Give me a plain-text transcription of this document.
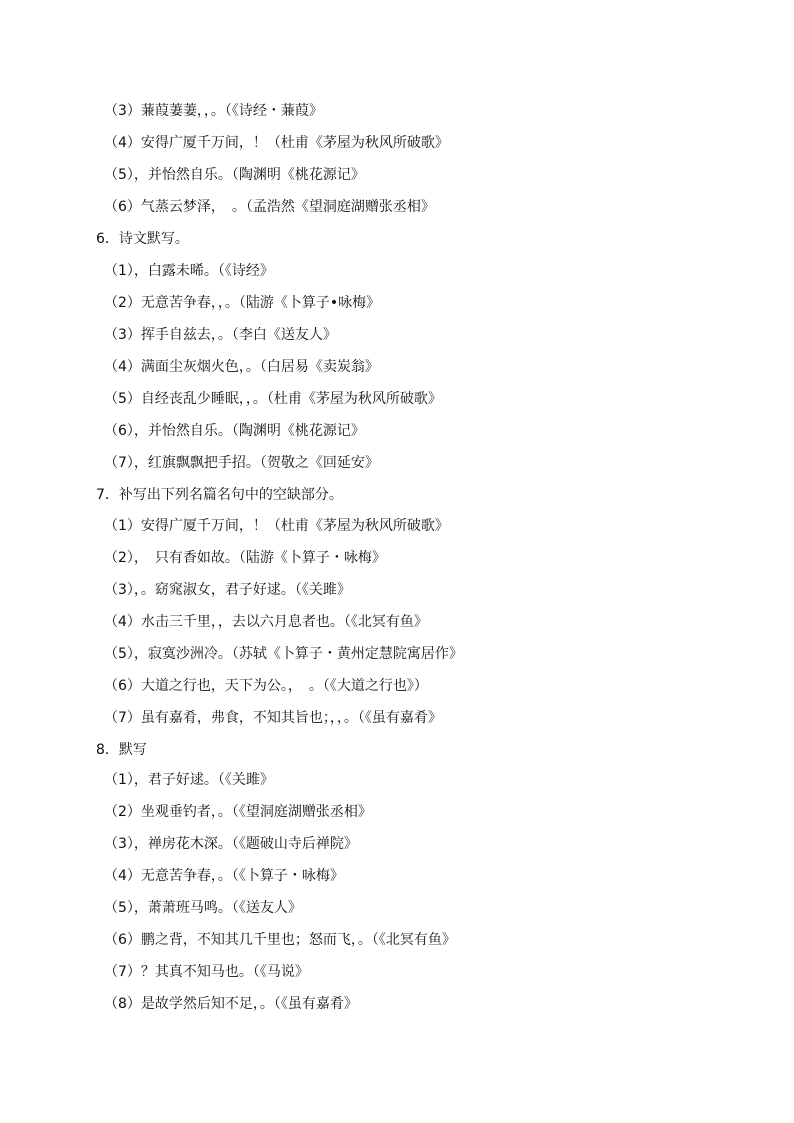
（3）蒹葭萋萋，，。（《诗经・蒹葭》
（4）安得广厦千万间，！（杜甫《茅屋为秋风所破歌》
（5），并怡然自乐。（陶渊明《桃花源记》
（6）气蒸云梦泽，　。（孟浩然《望洞庭湖赠张丞相》
6．诗文默写。
（1），白露未晞。（《诗经》
（2）无意苦争春，，。（陆游《卜算子•咏梅》
（3）挥手自兹去，。（李白《送友人》
（4）满面尘灰烟火色，。（白居易《卖炭翁》
（5）自经丧乱少睡眠，，。（杜甫《茅屋为秋风所破歌》
（6），并怡然自乐。（陶渊明《桃花源记》
（7），红旗飘飘把手招。（贺敬之《回延安》
7．补写出下列名篇名句中的空缺部分。
（1）安得广厦千万间，！（杜甫《茅屋为秋风所破歌》
（2），　只有香如故。（陆游《卜算子・咏梅》
（3），。窈窕淑女，君子好逑。（《关雎》
（4）水击三千里，，去以六月息者也。（《北冥有鱼》
（5），寂寞沙洲冷。（苏轼《卜算子・黄州定慧院寓居作》
（6）大道之行也，天下为公。，　。（《大道之行也》）
（7）虽有嘉肴，弗食，不知其旨也；，，。（《虽有嘉肴》
8．默写
（1），君子好逑。（《关雎》
（2）坐观垂钓者，。（《望洞庭湖赠张丞相》
（3），禅房花木深。（《题破山寺后禅院》
（4）无意苦争春，。（《卜算子・咏梅》
（5），萧萧班马鸣。（《送友人》
（6）鹏之背，不知其几千里也；怒而飞，。（《北冥有鱼》
（7）？其真不知马也。（《马说》
（8）是故学然后知不足，。（《虽有嘉肴》
